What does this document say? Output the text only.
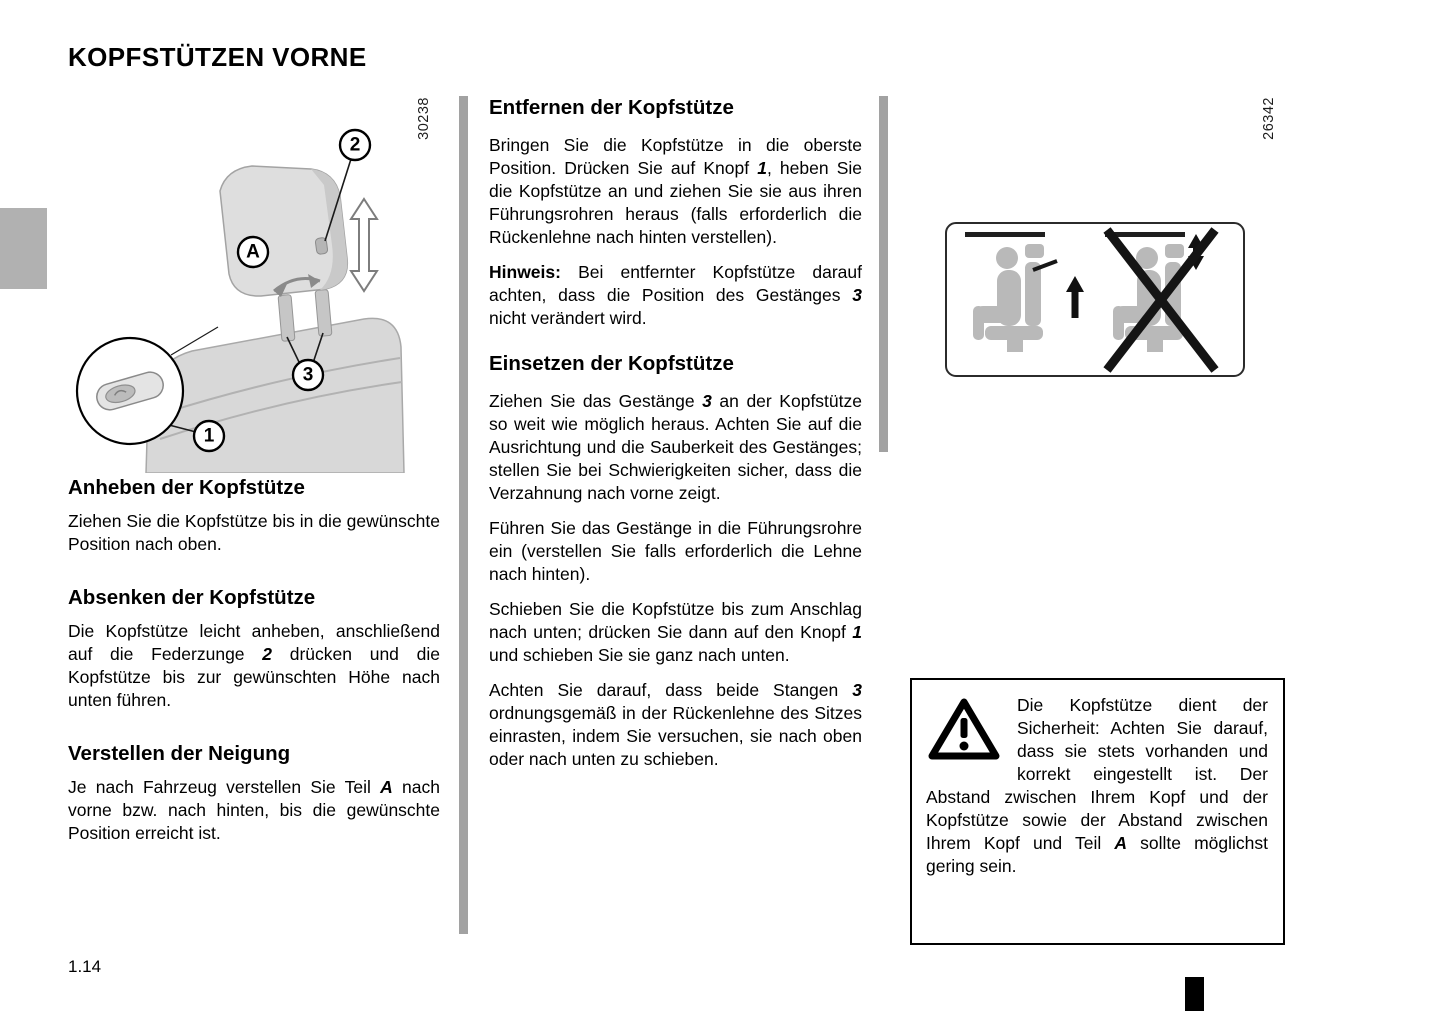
KOPFSTÜTZEN VORNE
30238	26342
2
A
3
1
Anheben der Kopfstütze

Ziehen Sie die Kopfstütze bis in die gewünschte Position nach oben.

Absenken der Kopfstütze

Die Kopfstütze leicht anheben, anschließend auf die Federzunge 2 drücken und die Kopfstütze bis zur gewünschten Höhe nach unten führen.

Verstellen der Neigung

Je nach Fahrzeug verstellen Sie Teil A nach vorne bzw. nach hinten, bis die gewünschte Position erreicht ist.

Entfernen der Kopfstütze

Bringen Sie die Kopfstütze in die oberste Position. Drücken Sie auf Knopf 1, heben Sie die Kopfstütze an und ziehen Sie sie aus ihren Führungsrohren heraus (falls erforderlich die Rückenlehne nach hinten verstellen).

Hinweis: Bei entfernter Kopfstütze darauf achten, dass die Position des Gestänges 3 nicht verändert wird.

Einsetzen der Kopfstütze

Ziehen Sie das Gestänge 3 an der Kopfstütze so weit wie möglich heraus. Achten Sie auf die Ausrichtung und die Sauberkeit des Gestänges; stellen Sie bei Schwierigkeiten sicher, dass die Verzahnung nach vorne zeigt.

Führen Sie das Gestänge in die Führungsrohre ein (verstellen Sie falls erforderlich die Lehne nach hinten).

Schieben Sie die Kopfstütze bis zum Anschlag nach unten; drücken Sie dann auf den Knopf 1 und schieben Sie sie ganz nach unten.

Achten Sie darauf, dass beide Stangen 3 ordnungsgemäß in der Rückenlehne des Sitzes einrasten, indem Sie versuchen, sie nach oben oder nach unten zu schieben.

Die Kopfstütze dient der Sicherheit: Achten Sie darauf, dass sie stets vorhanden und korrekt eingestellt ist. Der Abstand zwischen Ihrem Kopf und der Kopfstütze sowie der Abstand zwischen Ihrem Kopf und Teil A sollte möglichst gering sein.
1.14
